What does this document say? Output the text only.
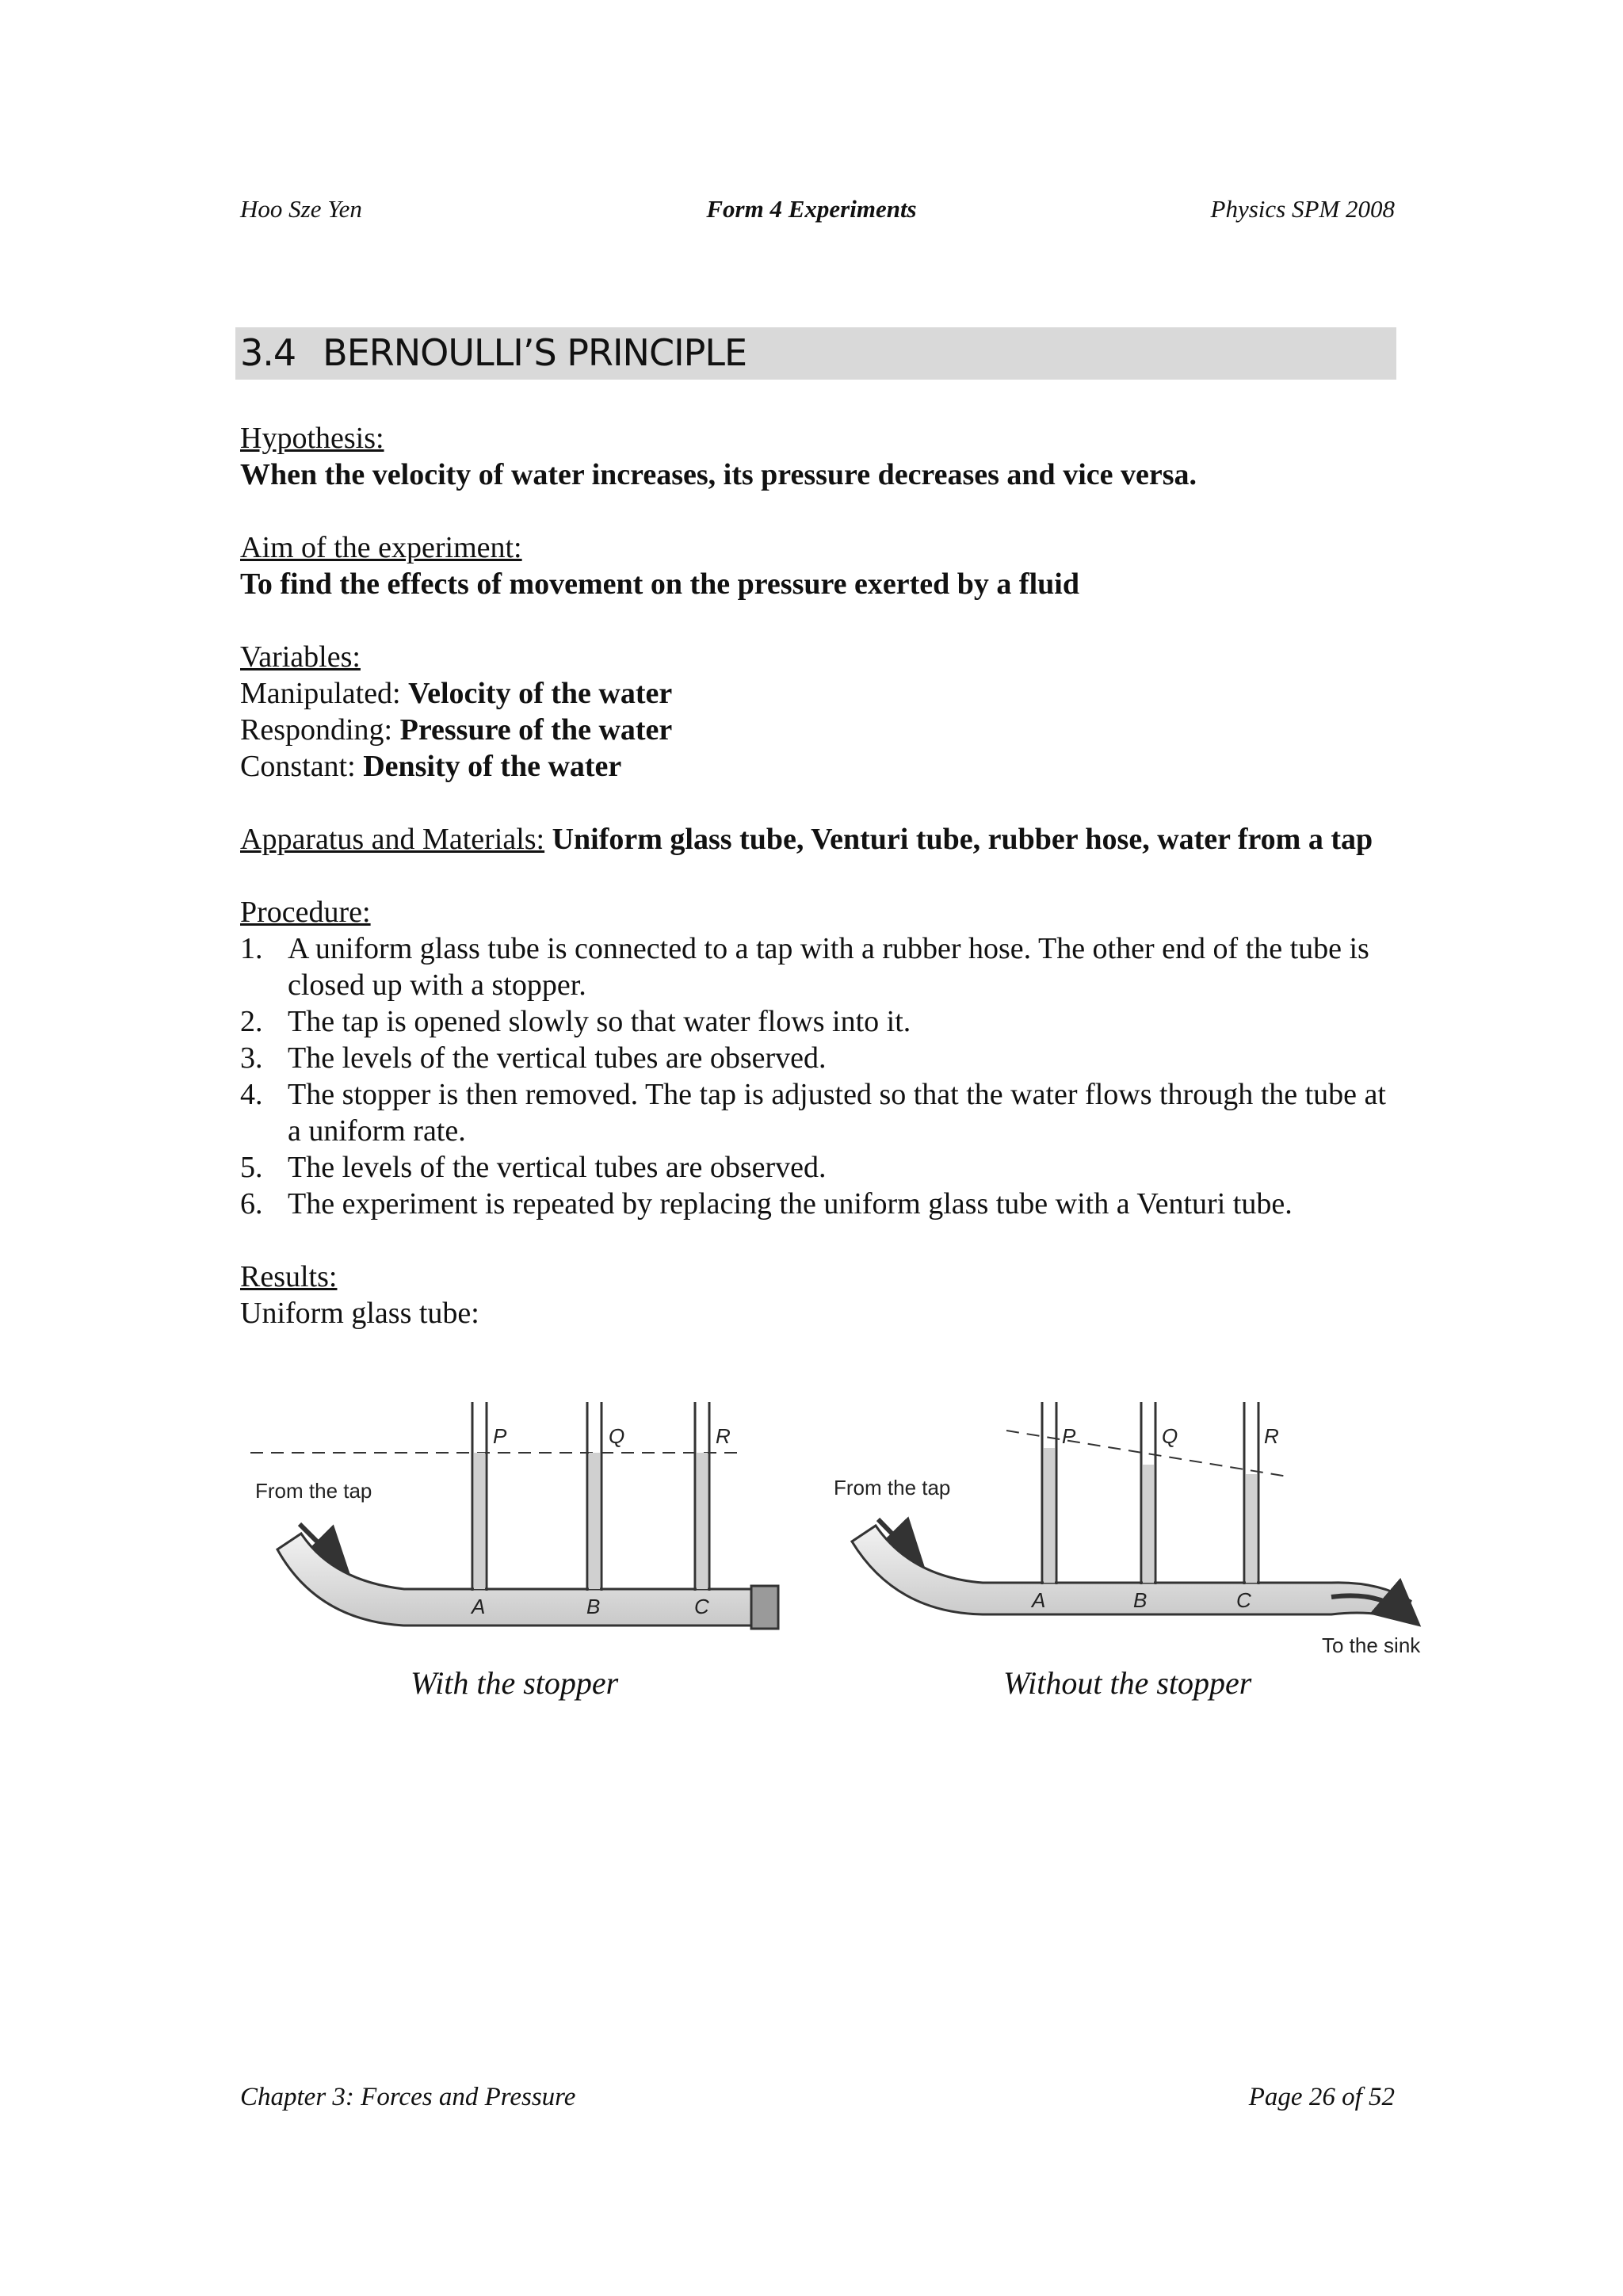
Hoo Sze Yen	Form 4 Experiments	Physics SPM 2008
3.4 BERNOULLI’S PRINCIPLE
Hypothesis:
When the velocity of water increases, its pressure decreases and vice versa.
Aim of the experiment:
To find the effects of movement on the pressure exerted by a fluid
Variables:
Manipulated: Velocity of the water
Responding: Pressure of the water
Constant: Density of the water
Apparatus and Materials: Uniform glass tube, Venturi tube, rubber hose, water from a tap
Procedure:
1. A uniform glass tube is connected to a tap with a rubber hose. The other end of the tube is closed up with a stopper.
2. The tap is opened slowly so that water flows into it.
3. The levels of the vertical tubes are observed.
4. The stopper is then removed. The tap is adjusted so that the water flows through the tube at a uniform rate.
5. The levels of the vertical tubes are observed.
6. The experiment is repeated by replacing the uniform glass tube with a Venturi tube.
Results:
Uniform glass tube:
From the tap
P	Q	R
A	B	C
From the tap
To the sink
P	Q	R
A	B	C
With the stopper	Without the stopper
Chapter 3: Forces and Pressure	Page 26 of 52
